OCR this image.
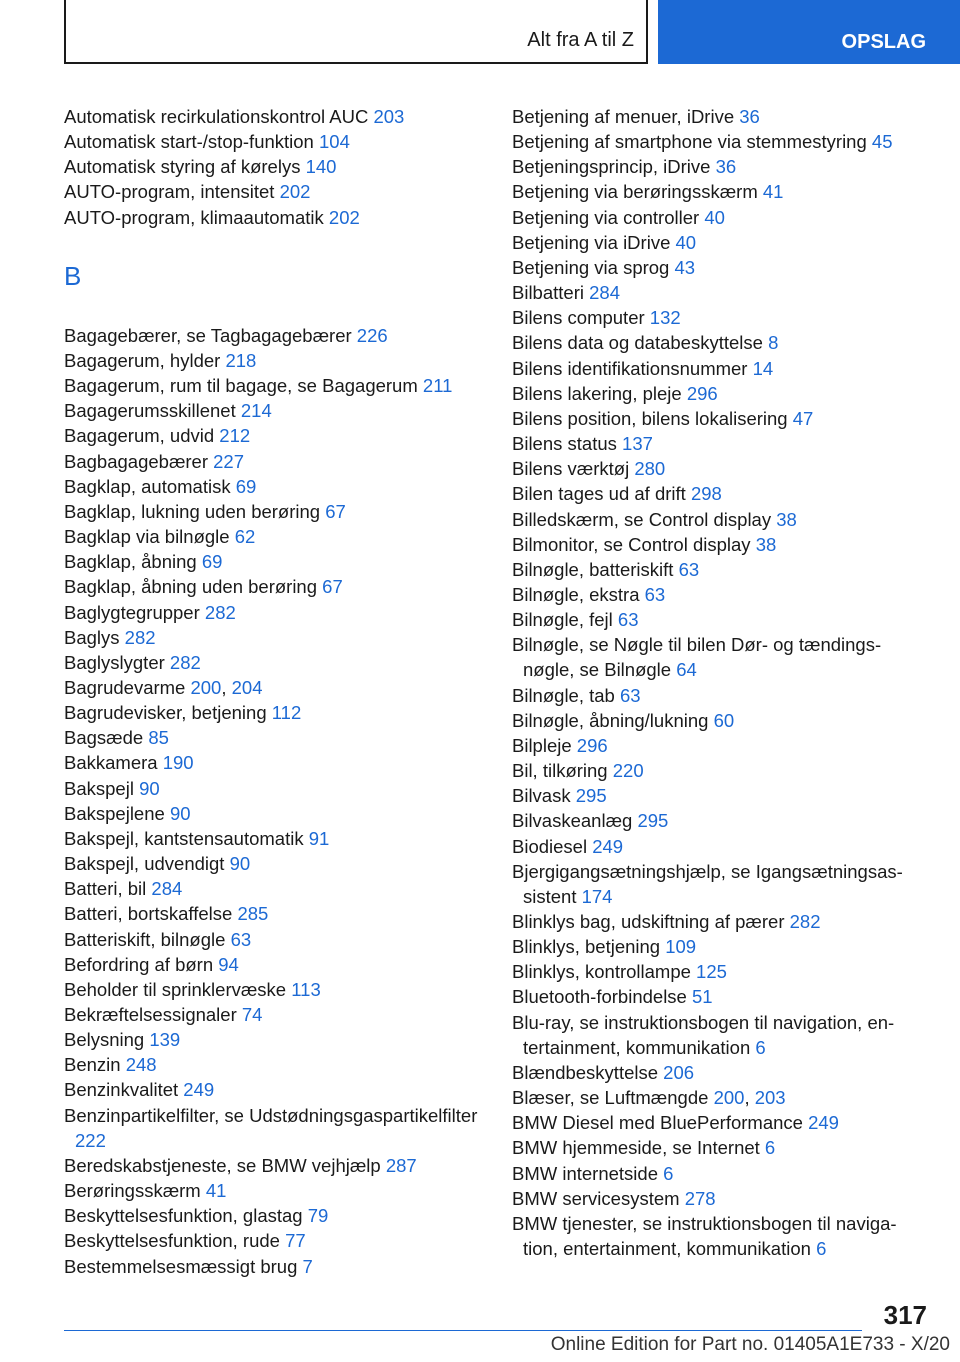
Alt fra A til Z	OPSLAG
Automatisk recirkulationskontrol AUC 203
Automatisk start-/stop-funktion 104
Automatisk styring af kørelys 140
AUTO-program, intensitet 202
AUTO-program, klimaautomatik 202
B
Bagagebærer, se Tagbagagebærer 226
Bagagerum, hylder 218
Bagagerum, rum til bagage, se Bagagerum 211
Bagagerumsskillenet 214
Bagagerum, udvid 212
Bagbagagebærer 227
Bagklap, automatisk 69
Bagklap, lukning uden berøring 67
Bagklap via bilnøgle 62
Bagklap, åbning 69
Bagklap, åbning uden berøring 67
Baglygtegrupper 282
Baglys 282
Baglyslygter 282
Bagrudevarme 200, 204
Bagrudevisker, betjening 112
Bagsæde 85
Bakkamera 190
Bakspejl 90
Bakspejlene 90
Bakspejl, kantstensautomatik 91
Bakspejl, udvendigt 90
Batteri, bil 284
Batteri, bortskaffelse 285
Batteriskift, bilnøgle 63
Befordring af børn 94
Beholder til sprinklervæske 113
Bekræftelsessignaler 74
Belysning 139
Benzin 248
Benzinkvalitet 249
Benzinpartikelfilter, se Udstødningsgaspartikelfilter 222
Beredskabstjeneste, se BMW vejhjælp 287
Berøringsskærm 41
Beskyttelsesfunktion, glastag 79
Beskyttelsesfunktion, rude 77
Bestemmelsesmæssigt brug 7
Betjening af menuer, iDrive 36
Betjening af smartphone via stemmestyring 45
Betjeningsprincip, iDrive 36
Betjening via berøringsskærm 41
Betjening via controller 40
Betjening via iDrive 40
Betjening via sprog 43
Bilbatteri 284
Bilens computer 132
Bilens data og databeskyttelse 8
Bilens identifikationsnummer 14
Bilens lakering, pleje 296
Bilens position, bilens lokalisering 47
Bilens status 137
Bilens værktøj 280
Bilen tages ud af drift 298
Billedskærm, se Control display 38
Bilmonitor, se Control display 38
Bilnøgle, batteriskift 63
Bilnøgle, ekstra 63
Bilnøgle, fejl 63
Bilnøgle, se Nøgle til bilen Dør- og tændingsnøgle, se Bilnøgle 64
Bilnøgle, tab 63
Bilnøgle, åbning/lukning 60
Bilpleje 296
Bil, tilkøring 220
Bilvask 295
Bilvaskeanlæg 295
Biodiesel 249
Bjergigangsætningshjælp, se Igangsætningsassistent 174
Blinklys bag, udskiftning af pærer 282
Blinklys, betjening 109
Blinklys, kontrollampe 125
Bluetooth-forbindelse 51
Blu-ray, se instruktionsbogen til navigation, entertainment, kommunikation 6
Blændbeskyttelse 206
Blæser, se Luftmængde 200, 203
BMW Diesel med BluePerformance 249
BMW hjemmeside, se Internet 6
BMW internetside 6
BMW servicesystem 278
BMW tjenester, se instruktionsbogen til navigation, entertainment, kommunikation 6
317
Online Edition for Part no. 01405A1E733 - X/20
